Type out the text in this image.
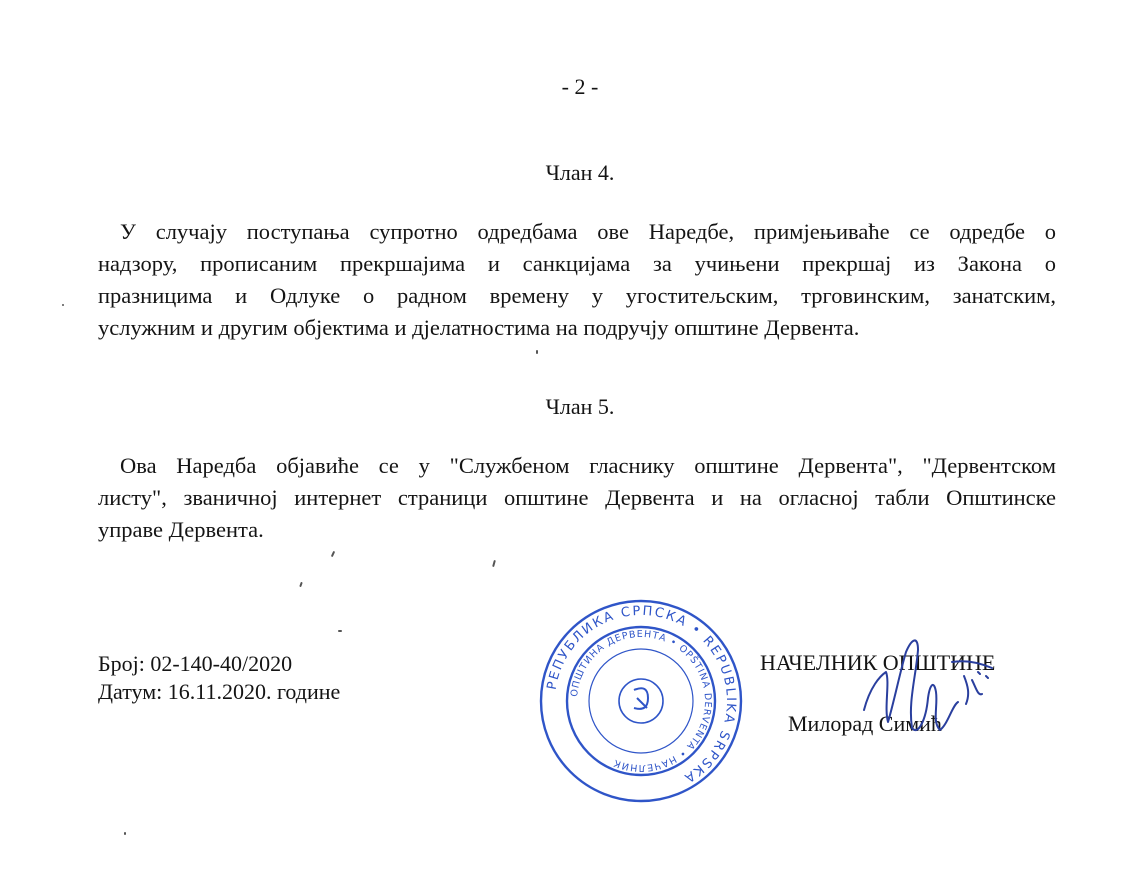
- 2 -
Члан 4.
У случају поступања супротно одредбама ове Наредбе, примјењиваће се одредбе о
надзору, прописаним прекршајима и санкцијама за учињени прекршај из Закона о
празницима и Одлуке о радном времену у угоститељским, трговинским, занатским,
услужним и другим објектима и дјелатностима на подручју општине Дервента.
Члан 5.
Ова Наредба објавиће се у "Службеном гласнику општине Дервента", "Дервентском
листу", званичној интернет страници општине Дервента и на огласној табли Општинске
управе Дервента.
Број: 02-140-40/2020
Датум: 16.11.2020. године	РЕПУБЛИКА СРПСКА • REPUBLIKA SRPSKA
ОПШТИНА ДЕРВЕНТА • OPŠTINA DERVENTA • НАЧЕЛНИК
НАЧЕЛНИК ОПШТИНЕ
Милорад Симић
